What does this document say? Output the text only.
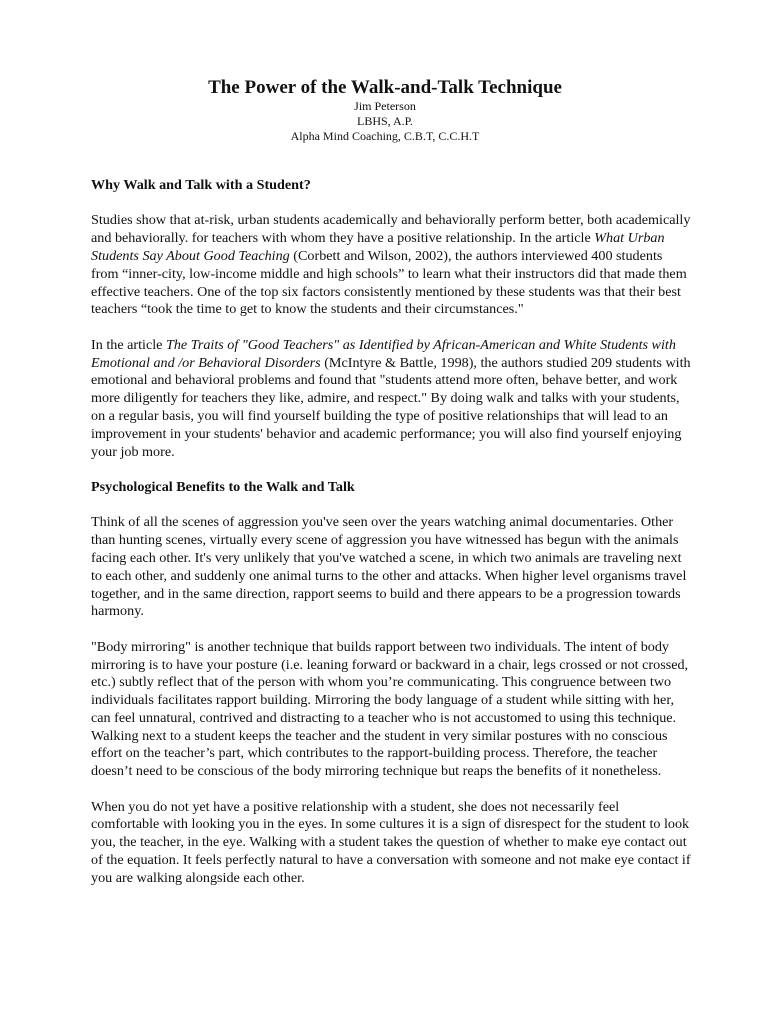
The Power of the Walk-and-Talk Technique

Jim Peterson

LBHS, A.P.

Alpha Mind Coaching, C.B.T, C.C.H.T

Why Walk and Talk with a Student?

Studies show that at-risk, urban students academically and behaviorally perform better, both academically and behaviorally. for teachers with whom they have a positive relationship. In the article What Urban Students Say About Good Teaching (Corbett and Wilson, 2002), the authors interviewed 400 students from “inner-city, low-income middle and high schools” to learn what their instructors did that made them effective teachers. One of the top six factors consistently mentioned by these students was that their best teachers “took the time to get to know the students and their circumstances."

In the article The Traits of "Good Teachers" as Identified by African-American and White Students with Emotional and /or Behavioral Disorders (McIntyre & Battle, 1998), the authors studied 209 students with emotional and behavioral problems and found that "students attend more often, behave better, and work more diligently for teachers they like, admire, and respect." By doing walk and talks with your students, on a regular basis, you will find yourself building the type of positive relationships that will lead to an improvement in your students' behavior and academic performance; you will also find yourself enjoying your job more.

Psychological Benefits to the Walk and Talk

Think of all the scenes of aggression you've seen over the years watching animal documentaries. Other than hunting scenes, virtually every scene of aggression you have witnessed has begun with the animals facing each other. It's very unlikely that you've watched a scene, in which two animals are traveling next to each other, and suddenly one animal turns to the other and attacks. When higher level organisms travel together, and in the same direction, rapport seems to build and there appears to be a progression towards harmony.

"Body mirroring" is another technique that builds rapport between two individuals. The intent of body mirroring is to have your posture (i.e. leaning forward or backward in a chair, legs crossed or not crossed, etc.) subtly reflect that of the person with whom you’re communicating. This congruence between two individuals facilitates rapport building. Mirroring the body language of a student while sitting with her, can feel unnatural, contrived and distracting to a teacher who is not accustomed to using this technique. Walking next to a student keeps the teacher and the student in very similar postures with no conscious effort on the teacher’s part, which contributes to the rapport-building process. Therefore, the teacher doesn’t need to be conscious of the body mirroring technique but reaps the benefits of it nonetheless.

When you do not yet have a positive relationship with a student, she does not necessarily feel comfortable with looking you in the eyes. In some cultures it is a sign of disrespect for the student to look you, the teacher, in the eye. Walking with a student takes the question of whether to make eye contact out of the equation. It feels perfectly natural to have a conversation with someone and not make eye contact if you are walking alongside each other.
